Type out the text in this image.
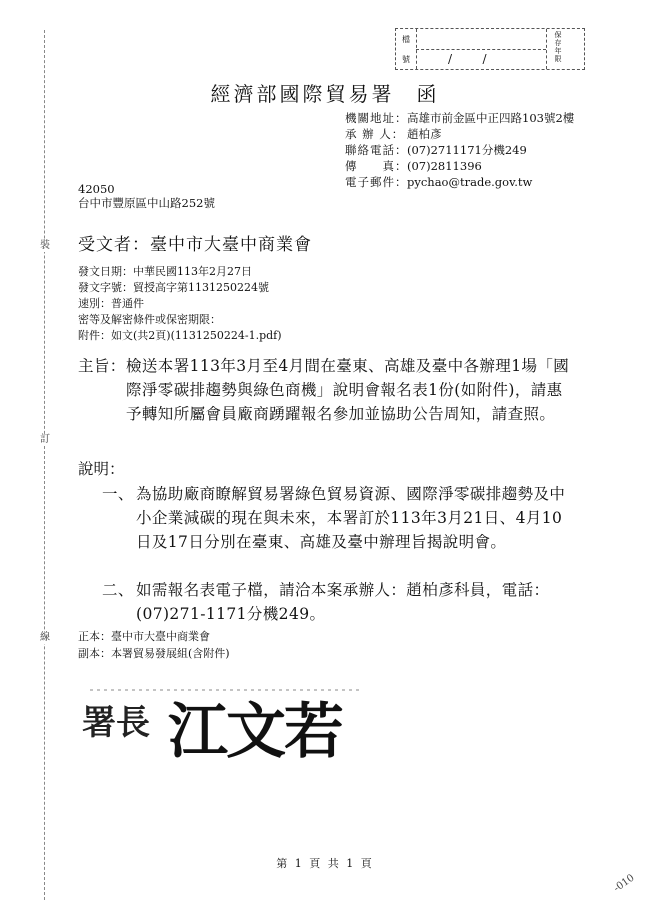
裝
訂
線
檔
號
保存年限
/        /
經濟部國際貿易署 函
機關地址：高雄市前金區中正四路103號2樓
承 辦 人： 趙柏彥
聯絡電話：(07)2711171分機249
傳　　真：(07)2811396
電子郵件：pychao@trade.gov.tw
42050
台中市豐原區中山路252號
受文者：臺中市大臺中商業會
發文日期：中華民國113年2月27日
發文字號：貿授高字第1131250224號
速別：普通件
密等及解密條件或保密期限：
附件：如文(共2頁)(1131250224-1.pdf)
主旨： 檢送本署113年3月至4月間在臺東、高雄及臺中各辦理1場「國際淨零碳排趨勢與綠色商機」說明會報名表1份(如附件)，請惠予轉知所屬會員廠商踴躍報名參加並協助公告周知，請查照。
說明：
一、 為協助廠商瞭解貿易署綠色貿易資源、國際淨零碳排趨勢及中小企業減碳的現在與未來，本署訂於113年3月21日、4月10日及17日分別在臺東、高雄及臺中辦理旨揭說明會。
二、 如需報名表電子檔，請洽本案承辦人：趙柏彥科員，電話：(07)271-1171分機249。
正本：臺中市大臺中商業會
副本：本署貿易發展組(含附件)
署長 江文若
第 1 頁 共 1 頁
-010
